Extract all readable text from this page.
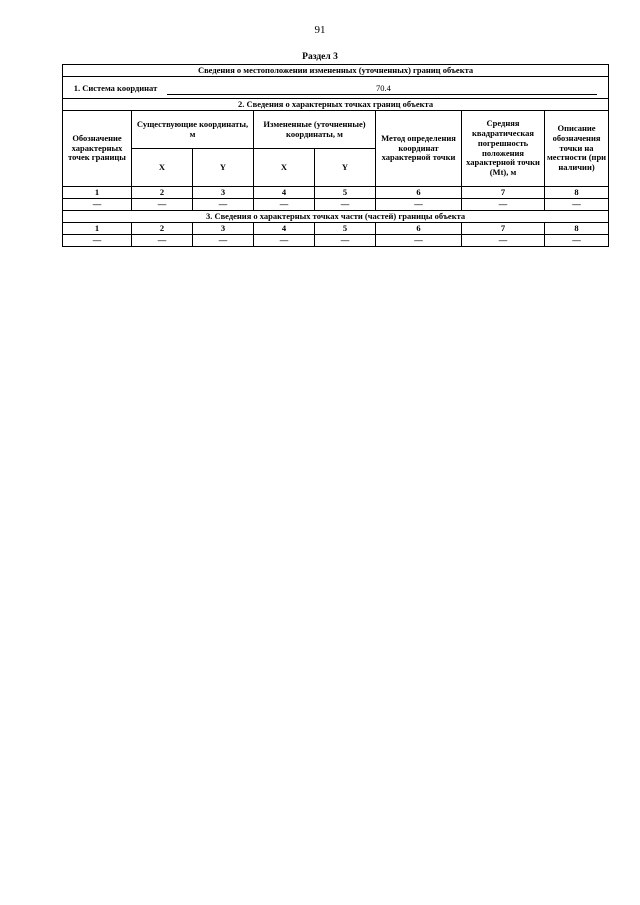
91
Раздел 3
Сведения о местоположении измененных (уточненных) границ объекта							
1. Система координат 70.4							
2. Сведения о характерных точках границ объекта							
Обозначение характерных точек границы	Существующие координаты, м		Измененные (уточненные) координаты, м		Метод определения координат характерной точки	Средняя квадратическая погрешность положения характерной точки (Mt), м	Описание обозначения точки на местности (при наличии)
	X	Y	X	Y			
1	2	3	4	5	6	7	8
—	—	—	—	—	—	—	—
3. Сведения о характерных точках части (частей) границы объекта							
1	2	3	4	5	6	7	8
—	—	—	—	—	—	—	—
